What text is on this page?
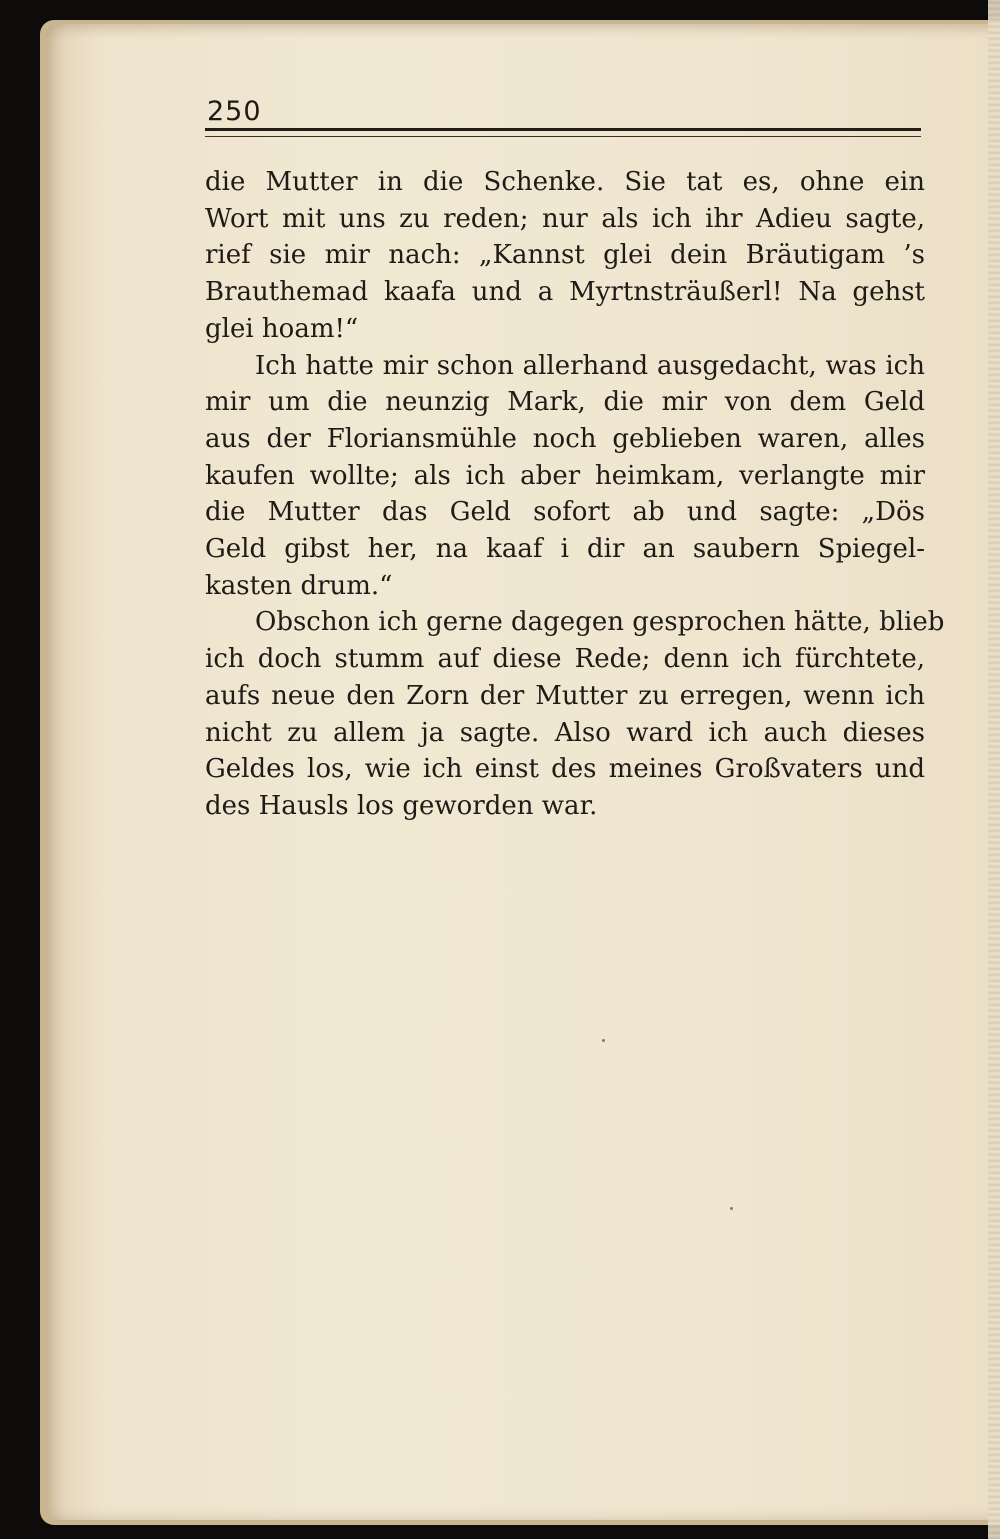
250
die Mutter in die Schenke. Sie tat es, ohne ein
Wort mit uns zu reden; nur als ich ihr Adieu sagte,
rief sie mir nach: „Kannst glei dein Bräutigam ’s
Brauthemad kaafa und a Myrtnsträußerl! Na gehst
glei hoam!“
Ich hatte mir schon allerhand ausgedacht, was ich
mir um die neunzig Mark, die mir von dem Geld
aus der Floriansmühle noch geblieben waren, alles
kaufen wollte; als ich aber heimkam, verlangte mir
die Mutter das Geld sofort ab und sagte: „Dös
Geld gibst her, na kaaf i dir an saubern Spiegel-
kasten drum.“
Obschon ich gerne dagegen gesprochen hätte, blieb
ich doch stumm auf diese Rede; denn ich fürchtete,
aufs neue den Zorn der Mutter zu erregen, wenn ich
nicht zu allem ja sagte. Also ward ich auch dieses
Geldes los, wie ich einst des meines Großvaters und
des Hausls los geworden war.
